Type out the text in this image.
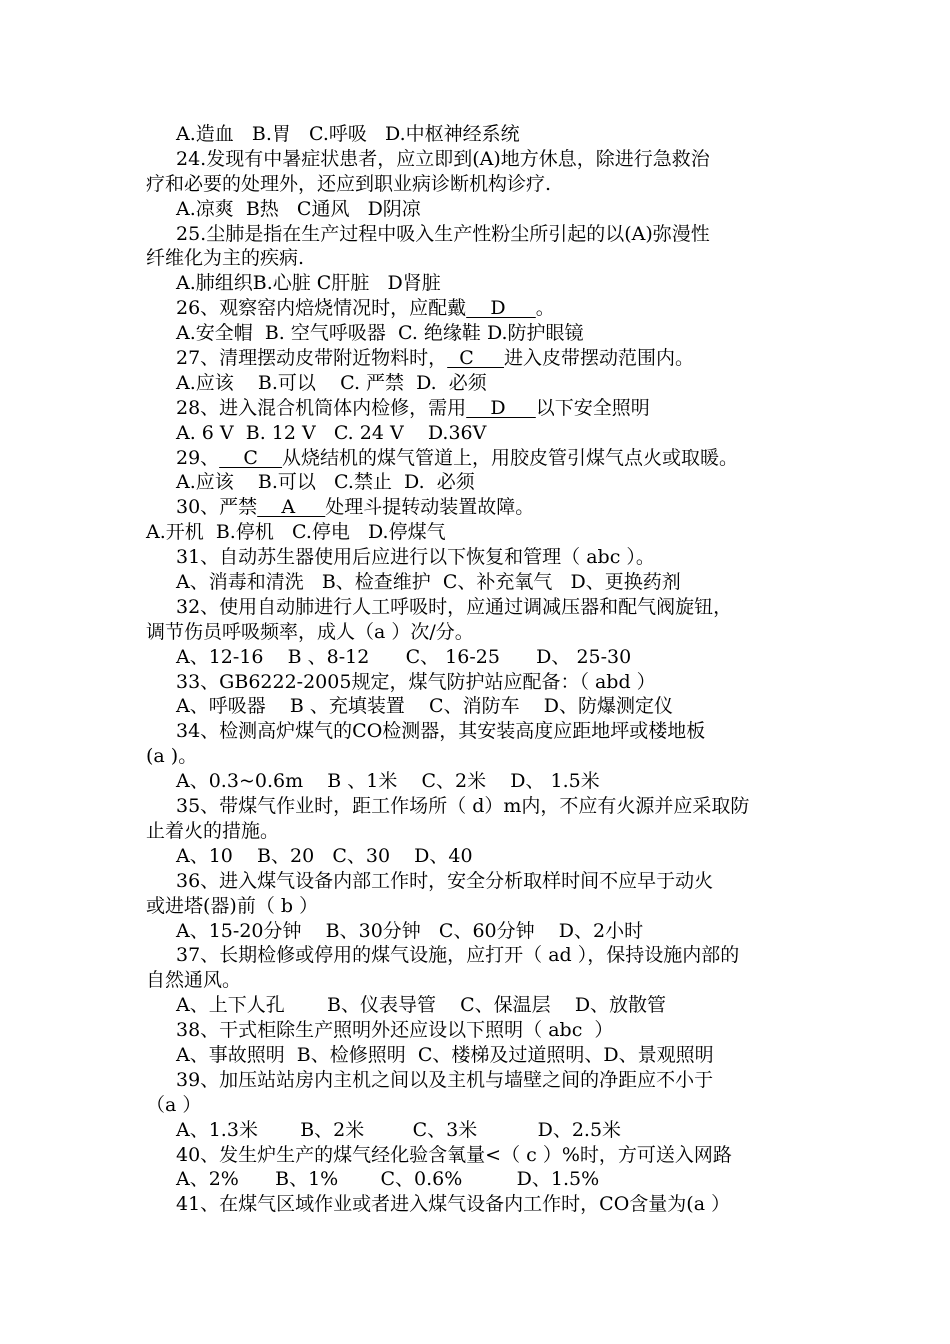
A.造血   B.胃   C.呼吸   D.中枢神经系统
24.发现有中暑症状患者，应立即到(A)地方休息，除进行急救治
疗和必要的处理外，还应到职业病诊断机构诊疗.
A.凉爽  B热   C通风   D阴凉
25.尘肺是指在生产过程中吸入生产性粉尘所引起的以(A)弥漫性
纤维化为主的疾病.
A.肺组织B.心脏 C肝脏   D肾脏
26、观察窑内焙烧情况时，应配戴    D     。
A.安全帽  B. 空气呼吸器  C. 绝缘鞋 D.防护眼镜
27、清理摆动皮带附近物料时，  C     进入皮带摆动范围内。
A.应该    B.可以    C. 严禁  D.  必须
28、进入混合机筒体内检修，需用    D     以下安全照明
A. 6 V  B. 12 V   C. 24 V    D.36V
29、    C    从烧结机的煤气管道上，用胶皮管引煤气点火或取暖。
A.应该    B.可以   C.禁止  D.  必须
30、严禁    A     处理斗提转动装置故障。
A.开机  B.停机   C.停电   D.停煤气
31、自动苏生器使用后应进行以下恢复和管理（ abc ）。
A、消毒和清洗   B、检查维护  C、补充氧气   D、更换药剂
32、使用自动肺进行人工呼吸时，应通过调减压器和配气阀旋钮，
调节伤员呼吸频率，成人（a ）次/分。
A、12-16    B 、8-12      C、 16-25      D、 25-30
33、GB6222-2005规定，煤气防护站应配备：（ abd ）
A、呼吸器    B 、充填装置    C、消防车    D、防爆测定仪
34、检测高炉煤气的CO检测器，其安装高度应距地坪或楼地板
(a )。
A、0.3~0.6m    B 、1米    C、2米    D、 1.5米
35、带煤气作业时，距工作场所（ d）m内，不应有火源并应采取防
止着火的措施。
A、10    B、20   C、30    D、40
36、进入煤气设备内部工作时，安全分析取样时间不应早于动火
或进塔(器)前（ b ）
A、15-20分钟    B、30分钟   C、60分钟    D、2小时
37、长期检修或停用的煤气设施，应打开（ ad ），保持设施内部的
自然通风。
A、上下人孔       B、仪表导管    C、保温层    D、放散管
38、干式柜除生产照明外还应设以下照明（ abc  ）
A、事故照明  B、检修照明  C、楼梯及过道照明、D、景观照明
39、加压站站房内主机之间以及主机与墙壁之间的净距应不小于
（a ）
A、1.3米       B、2米        C、3米          D、2.5米
40、发生炉生产的煤气经化验含氧量<（ c ）%时，方可送入网路
A、2%      B、1%       C、0.6%         D、1.5%
41、在煤气区域作业或者进入煤气设备内工作时，CO含量为(a ）
